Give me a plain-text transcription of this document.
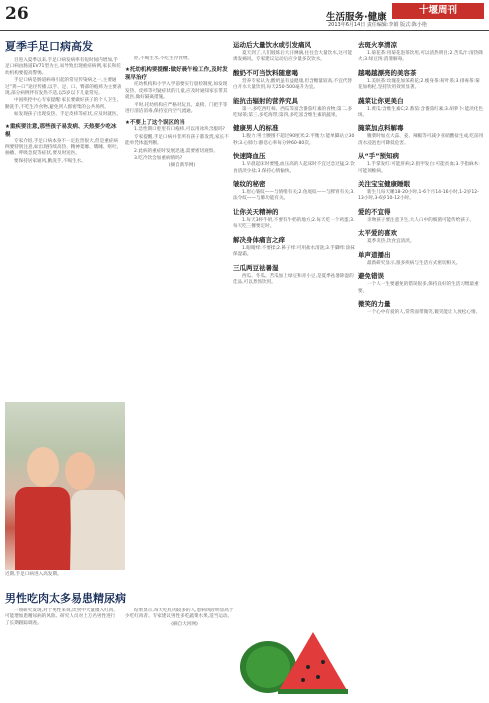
26	生活服务·健康
十堰周刊
2013年6月14日 责任编辑:李娟 版式:陈小艳
夏季手足口病高发

目进入夏季以来,手足口病发病率有短时间内增加,手足口病由肠道EV71型为主,易导致出现重症病例,家长和托幼机构要提高警惕。

手足口病是肠道病毒引起的常见传染病之一,主要通过“粪—口”途径传播,以手、足、口、臀部的疱疹为主要表现,部分病例伴有发热不适,以5岁以下儿童常见。

中国疾控中心专家提醒:家长要做好孩子的个人卫生,勤洗手,不吃生冷食物,避免到人群密集的公共场所。

如发现孩子出现发热、手足皮疹等症状,应及时就医。

★重疾要注意,那些孩子易发病、天热要少吃冰棍

专家介绍,手足口病本身不一定危害很大,但是重症病例要特别注意,如出现持续高热、精神萎靡、嗜睡、呕吐、抽搐、呼吸急促等症状,要及时送医。

要保持居家通风,勤洗手,不喝生水。

拒,不喝生水,不吃生冷食物。

★托幼机构要提醒:做好晨午检工作,及时发现早治疗

托幼机构和小学入学前要实行晨检制度,如发现发热、皮疹等可疑症状的儿童,应及时通知家长带其就医,做好隔离措施。

平时,托幼机构应严格对玩具、桌椅、门把手等进行清洁消毒,保持室内空气流通。

★不要上了这个误区的当

1.急性期口腔里有口疱疹,可以用冰块含服吗?

专家提醒,手足口病并非所有孩子都发烧,家长不能单凭体温判断。

2.此病的重症时发展迅速,需要密切观察。

3.吃冷饮会加重病情吗?

(摘自新华网)

运动后大量饮水或引发痛风

夏天到了,人们锻炼后大汗淋漓,往往会大量饮水,这可能诱发痛风。专家建议运动后应少量多次饮水。

酸奶不可当饮料随意喝

营养专家认为,酸奶虽有益健康,但含糖量较高,不宜代替白开水大量饮用,每天250-500毫升为宜。

能抗击辐射的营养究具

第一,多吃西红柿、西瓜等富含番茄红素的食物;第二,多吃绿茶;第三,多吃海带;第四,多吃富含维生素的蔬果。

健康男人的标准

1.腹力:男士腰围不超过90厘米;2.平衡力:能单脚站立30秒;3.心肺力:静息心率每分钟60-80次。

快速降血压

1.早晨起床时要慢,血压高的人起床时不宜过急过猛;2.饮食清淡少盐;3.保持心情愉快。

皱纹的秘密

1.眉心皱纹——与情绪有关;2.鱼尾纹——与脾胃有关;3.法令纹——与肺功能有关。

让你关天精神的

1.每天3杯牛奶,不要有牛奶的地方;2.每天吃一个鸡蛋;3.每天吃三餐要定时。

解决身体痛言之痒

1.眼睛痒:不要揉;2.鼻子痒:可用盐水清洗;3.手脚痒:涂抹保湿霜。

三瓜两豆祛暑湿

西瓜、冬瓜、苦瓜加上绿豆和赤小豆,是夏季祛暑除湿的佳品,可以煮汤饮用。

去斑火享清凉

1.菊花茶:用菊花泡茶饮用,可以清热明目;2.苦瓜汁:清热降火;3.绿豆汤:消暑解毒。

越喝越漂亮的美容茶

1.美肤茶:玫瑰花加茉莉花;2.瘦身茶:荷叶茶;3.排毒茶:菊花加枸杞,坚持饮用效果显著。

蔬菜让你更美白

1.黄瓜:含维生素C;2.番茄:含番茄红素;3.胡萝卜:能淡化色斑。

腌菜加点料解毒

腌菜时加点大蒜、姜、辣椒等可减少亚硝酸盐生成,吃前用清水浸泡也可降低危害。

从“手”预知病

1.手掌发红:可能肝病;2.指甲发白:可能贫血;3.手指麻木:可能颈椎病。

关注宝宝健康睡眠

新生儿每天睡18-20小时,1-6个月14-16小时,1-2岁12-13小时,3-6岁10-12小时。

爱的不宜得

亲吻孩子要注意卫生,大人口中的细菌可能传给孩子。

太平爱的喜欢

夏季炎热,饮食宜清淡。

单声道播出

最新研究显示,很多疾病与生活方式密切相关。

避免错误

一个人一生要避免的错误很多,保持良好的生活习惯最重要。

微笑的力量

一个心中有爱的人,常常面带微笑,微笑能让人放松心情。

近期,手足口病进入高发期。
男性吃肉太多易患精尿病

一项研究发现,对于男性来说,饮食中大量摄入红肉,可能增加患精尿病的风险。研究人员对上万名男性进行了长期跟踪调查。

结果显示,每天吃红肉较多的人,患病风险明显高于少吃红肉者。专家建议男性多吃蔬菜水果,适当运动。

(摘自大河网)
